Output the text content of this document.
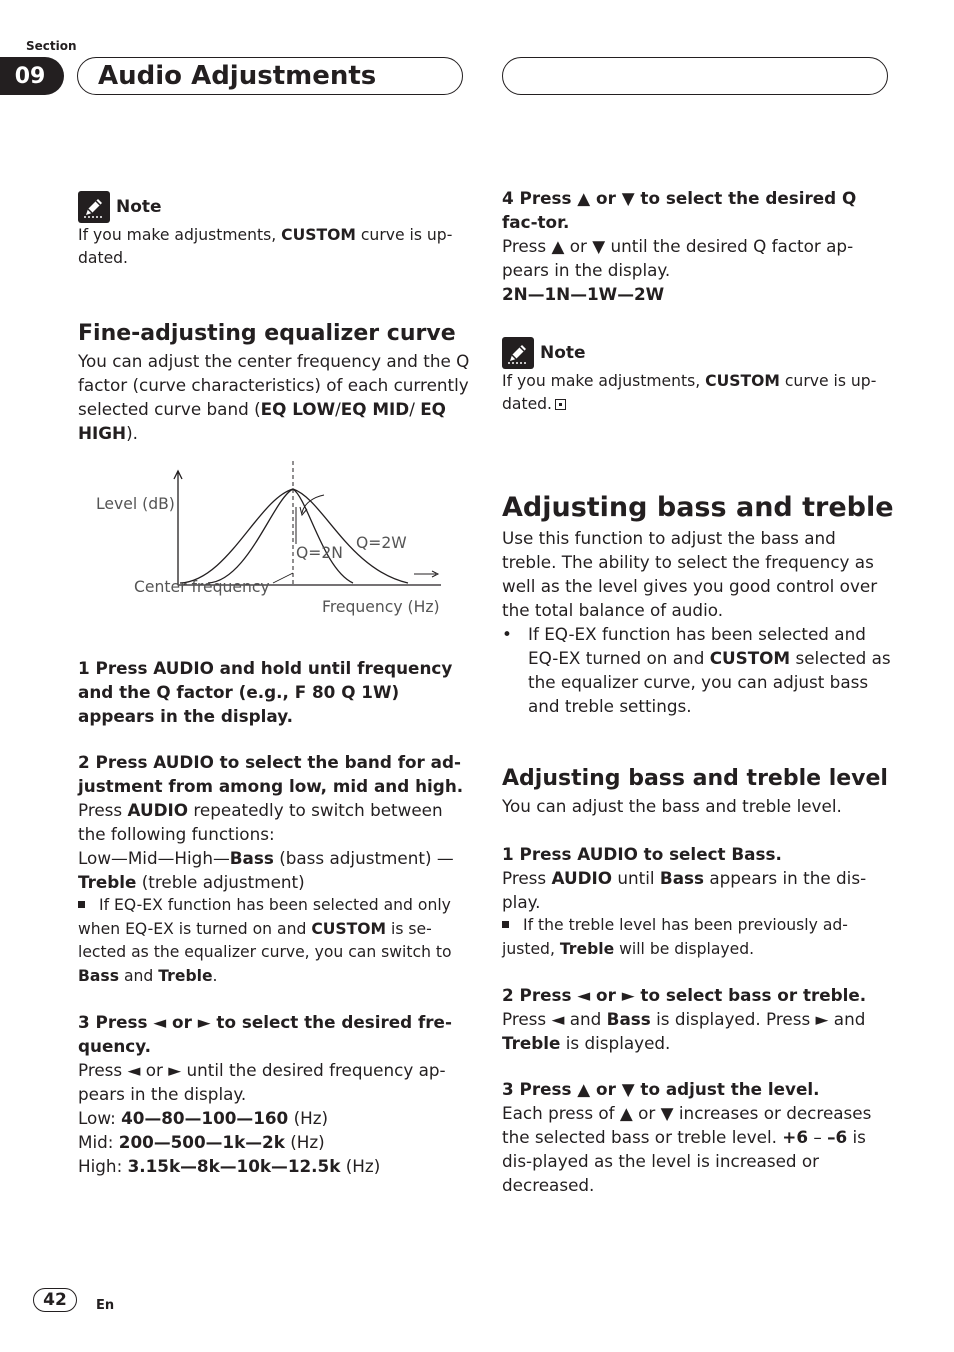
Section
09	Audio Adjustments
Note

If you make adjustments, CUSTOM curve is up-dated.

Fine-adjusting equalizer curve

You can adjust the center frequency and the Q factor (curve characteristics) of each currently selected curve band (EQ LOW/EQ MID/ EQ HIGH).

Level (dB)
Q=2N
Q=2W
Center frequency
Frequency (Hz)

1 Press AUDIO and hold until frequency and the Q factor (e.g., F 80 Q 1W) appears in the display.

2 Press AUDIO to select the band for ad-justment from among low, mid and high.

Press AUDIO repeatedly to switch between the following functions:

Low—Mid—High—Bass (bass adjustment) —Treble (treble adjustment)

If EQ-EX function has been selected and only when EQ-EX is turned on and CUSTOM is se-lected as the equalizer curve, you can switch to Bass and Treble.

3 Press ◄ or ► to select the desired fre-quency.

Press ◄ or ► until the desired frequency ap-pears in the display.

Low: 40—80—100—160 (Hz)

Mid: 200—500—1k—2k (Hz)

High: 3.15k—8k—10k—12.5k (Hz)

4 Press ▲ or ▼ to select the desired Q fac-tor.

Press ▲ or ▼ until the desired Q factor ap-pears in the display.

2N—1N—1W—2W

Note

If you make adjustments, CUSTOM curve is up-dated.

Adjusting bass and treble

Use this function to adjust the bass and treble. The ability to select the frequency as well as the level gives you good control over the total balance of audio.

• If EQ-EX function has been selected and EQ-EX turned on and CUSTOM selected as the equalizer curve, you can adjust bass and treble settings.
Adjusting bass and treble level

You can adjust the bass and treble level.

1 Press AUDIO to select Bass.

Press AUDIO until Bass appears in the dis-play.

If the treble level has been previously ad-justed, Treble will be displayed.

2 Press ◄ or ► to select bass or treble.

Press ◄ and Bass is displayed. Press ► and Treble is displayed.

3 Press ▲ or ▼ to adjust the level.

Each press of ▲ or ▼ increases or decreases the selected bass or treble level. +6 – –6 is dis-played as the level is increased or decreased.

42	En
